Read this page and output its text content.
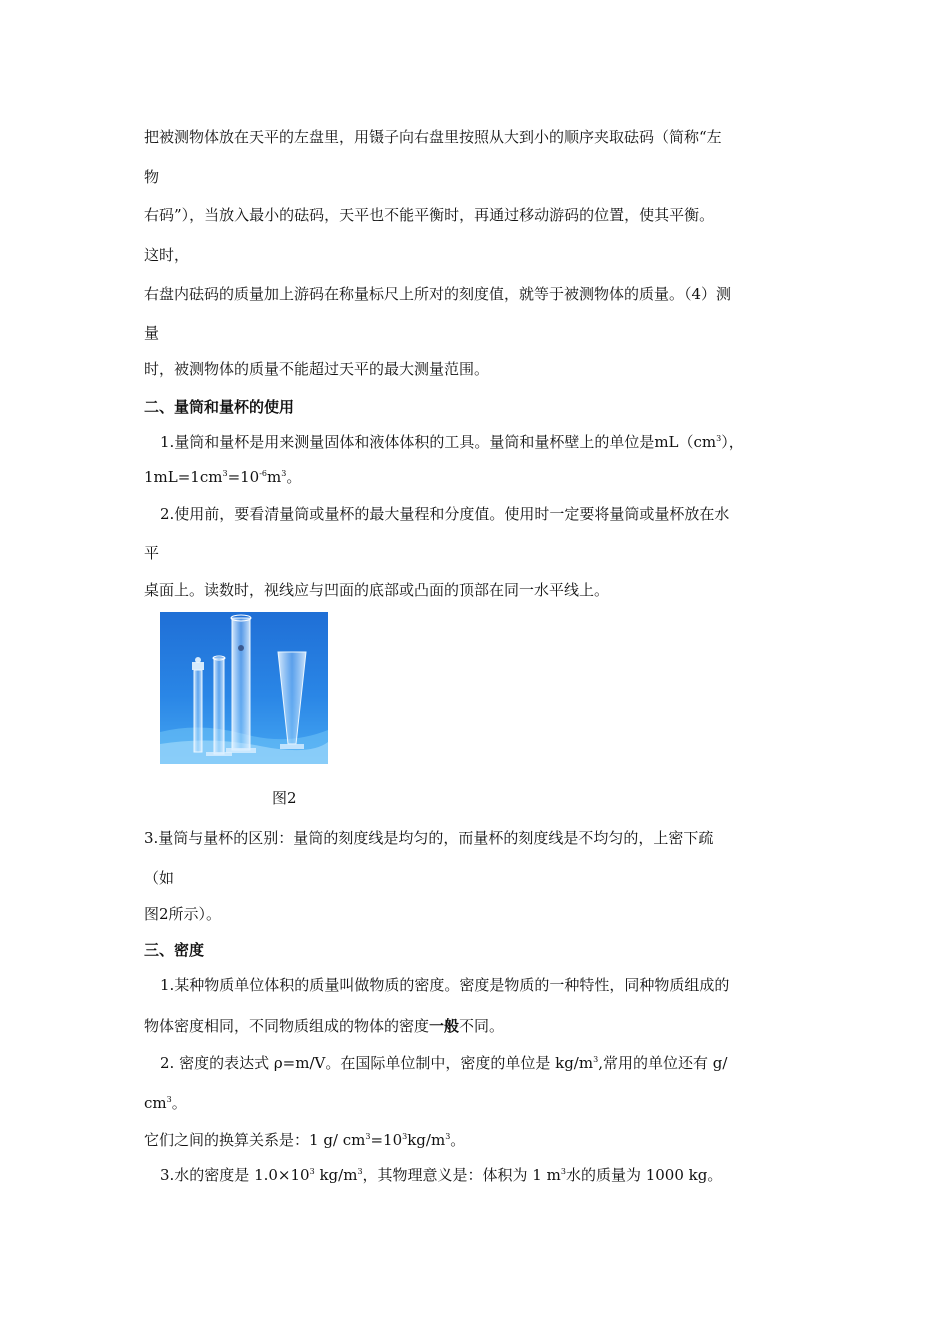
把被测物体放在天平的左盘里，用镊子向右盘里按照从大到小的顺序夹取砝码（简称“左
物
右码”），当放入最小的砝码，天平也不能平衡时，再通过移动游码的位置，使其平衡。
这时，
右盘内砝码的质量加上游码在称量标尺上所对的刻度值，就等于被测物体的质量。（4）测
量
时，被测物体的质量不能超过天平的最大测量范围。
二、量筒和量杯的使用
1.量筒和量杯是用来测量固体和液体体积的工具。量筒和量杯壁上的单位是$mL(cm^3)$，
$1mL=1cm^3=10^{-6}m^3$。
2.使用前，要看清量筒或量杯的最大量程和分度值。使用时一定要将量筒或量杯放在水
平
桌面上。读数时，视线应与凹面的底部或凸面的顶部在同一水平线上。
图2
3.量筒与量杯的区别：量筒的刻度线是均匀的，而量杯的刻度线是不均匀的，上密下疏
（如
图2所示）。
三、密度
1.某种物质单位体积的质量叫做物质的密度。密度是物质的一种特性，同种物质组成的
物体密度相同，不同物质组成的物体的密度一般不同。
2. 密度的表达式 ρ=m/V。在国际单位制中，密度的单位是 $kg/m^3$,常用的单位还有 g/
$cm^3$。
它们之间的换算关系是：1 g/ $cm^3=10^3kg/m^3$。
3.水的密度是 $1.0\times 10^3$ $kg/m^3$，其物理意义是：体积为 1 $m^3$水的质量为 1000 kg。
